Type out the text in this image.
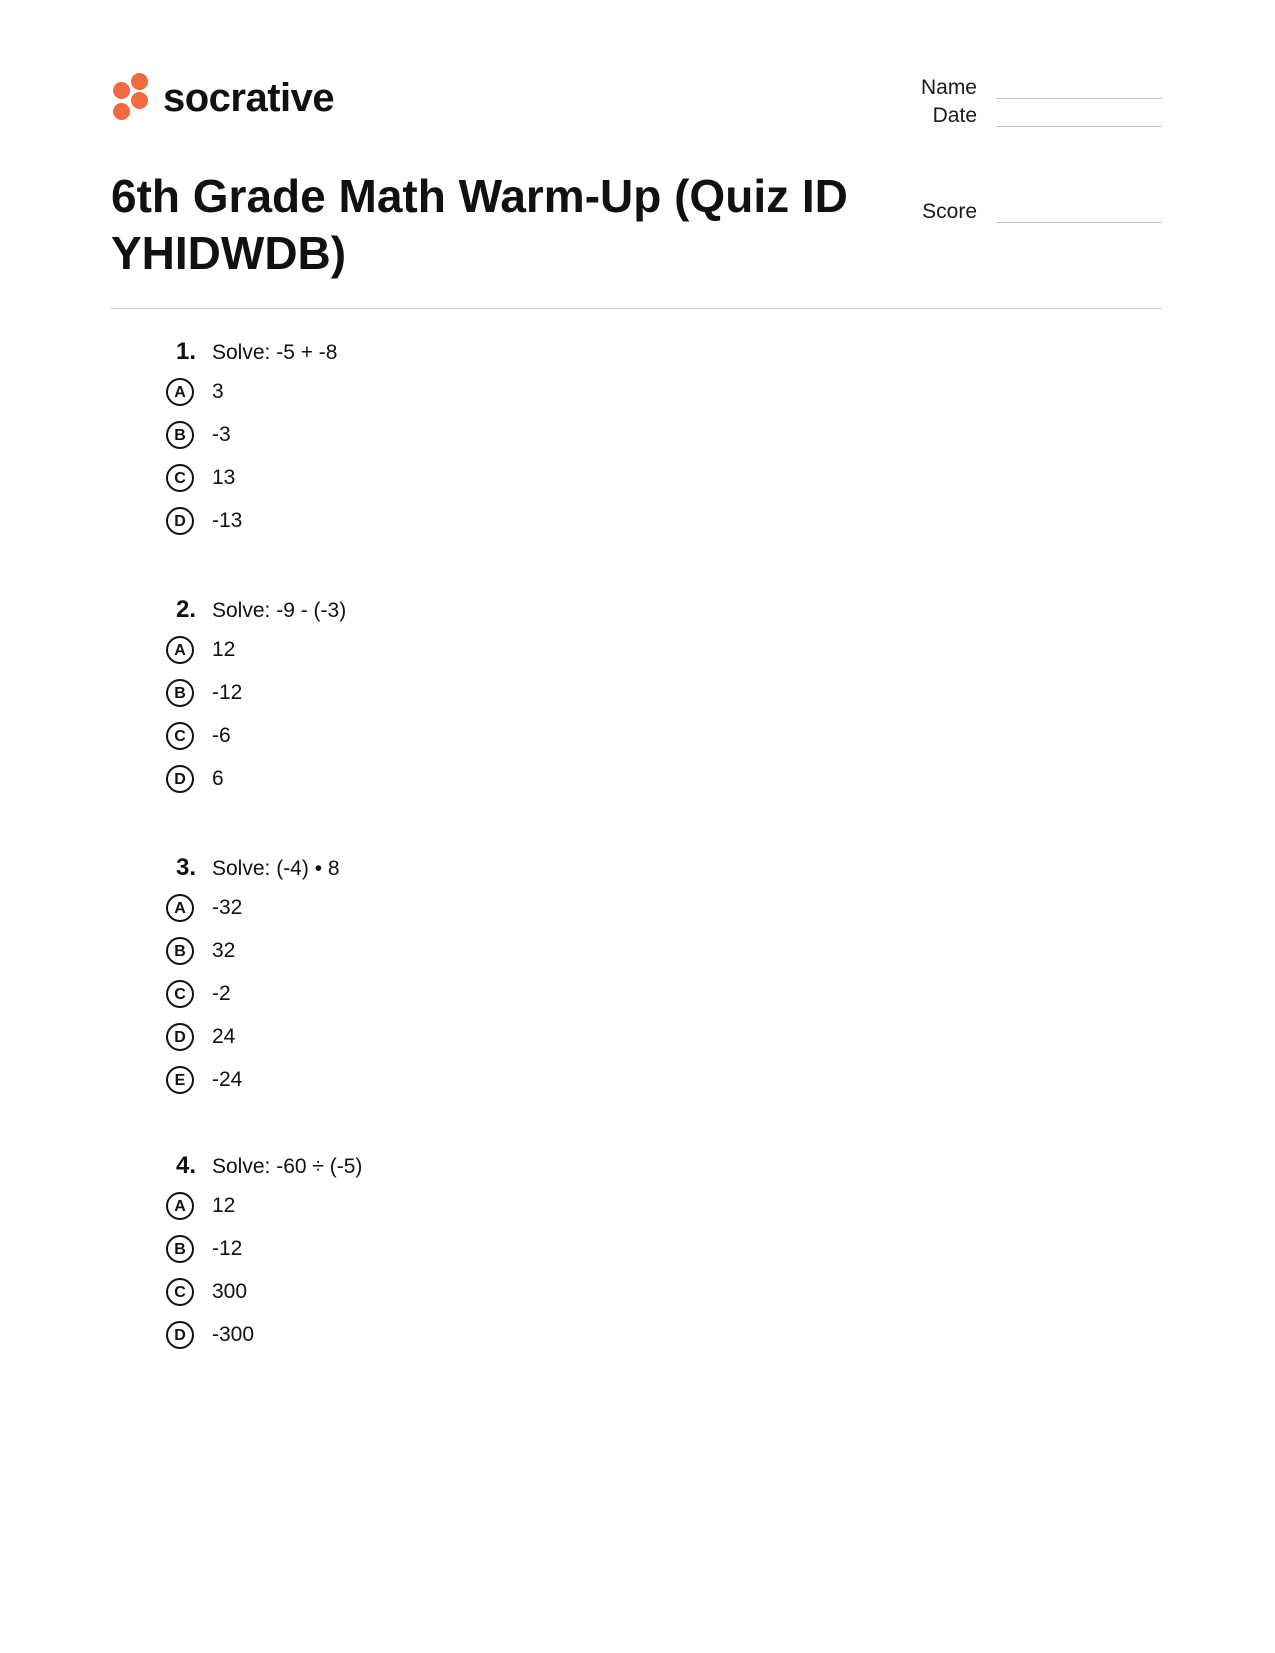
socrative	Name
Date
Score
6th Grade Math Warm-Up (Quiz ID YHIDWDB)
1. Solve: -5 + -8
A	3
B	-3
C	13
D	-13
2. Solve: -9 - (-3)
A	12
B	-12
C	-6
D	6
3. Solve: (-4) • 8
A	-32
B	32
C	-2
D	24
E	-24
4. Solve: -60 ÷ (-5)
A	12
B	-12
C	300
D	-300
